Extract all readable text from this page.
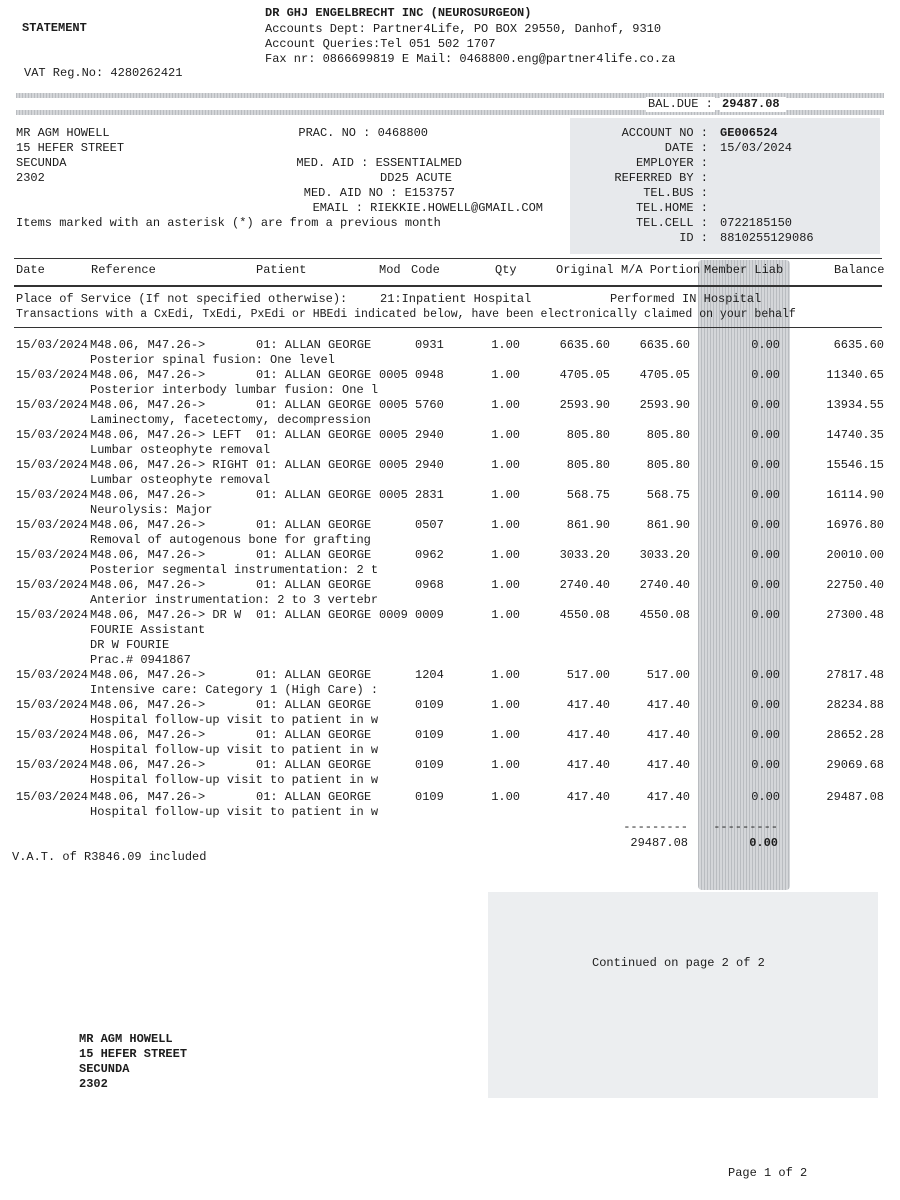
STATEMENT
DR GHJ ENGELBRECHT INC (NEUROSURGEON)
Accounts Dept: Partner4Life, PO BOX 29550, Danhof, 9310
Account Queries:Tel 051 502 1707
Fax nr: 0866699819 E Mail: 0468800.eng@partner4life.co.za
VAT Reg.No: 4280262421
BAL.DUE : 29487.08
MR AGM HOWELL
15 HEFER STREET
SECUNDA
2302
PRAC. NO : 0468800
MED. AID : ESSENTIALMED
DD25 ACUTE
MED. AID NO : E153757
EMAIL : RIEKKIE.HOWELL@GMAIL.COM
Items marked with an asterisk (*) are from a previous month
ACCOUNT NO : GE006524
DATE : 15/03/2024
EMPLOYER :
REFERRED BY :
TEL.BUS :
TEL.HOME :
TEL.CELL : 0722185150
ID : 8810255129086
Date	Reference	Patient	Mod Code	Qty	Original M/A Portion Member Liab	Balance
Place of Service (If not specified otherwise):	21:Inpatient Hospital	Performed IN Hospital
Transactions with a CxEdi, TxEdi, PxEdi or HBEdi indicated below, have been electronically claimed on your behalf
15/03/2024 M48.06, M47.26->	01: ALLAN GEORGE 0931	1.00	6635.60	6635.60	0.00	6635.60
Posterior spinal fusion: One level
15/03/2024 M48.06, M47.26->	01: ALLAN GEORGE 0005 0948	1.00	4705.05	4705.05	0.00	11340.65
Posterior interbody lumbar fusion: One l
15/03/2024 M48.06, M47.26->	01: ALLAN GEORGE 0005 5760	1.00	2593.90	2593.90	0.00	13934.55
Laminectomy, facetectomy, decompression
15/03/2024 M48.06, M47.26-> LEFT 01: ALLAN GEORGE 0005 2940	1.00	805.80	805.80	0.00	14740.35
Lumbar osteophyte removal
15/03/2024 M48.06, M47.26-> RIGHT 01: ALLAN GEORGE 0005 2940	1.00	805.80	805.80	0.00	15546.15
Lumbar osteophyte removal
15/03/2024 M48.06, M47.26->	01: ALLAN GEORGE 0005 2831	1.00	568.75	568.75	0.00	16114.90
Neurolysis: Major
15/03/2024 M48.06, M47.26->	01: ALLAN GEORGE 0507	1.00	861.90	861.90	0.00	16976.80
Removal of autogenous bone for grafting
15/03/2024 M48.06, M47.26->	01: ALLAN GEORGE 0962	1.00	3033.20	3033.20	0.00	20010.00
Posterior segmental instrumentation: 2 t
15/03/2024 M48.06, M47.26->	01: ALLAN GEORGE 0968	1.00	2740.40	2740.40	0.00	22750.40
Anterior instrumentation: 2 to 3 vertebr
15/03/2024 M48.06, M47.26-> DR W 01: ALLAN GEORGE 0009 0009	1.00	4550.08	4550.08	0.00	27300.48
FOURIE Assistant
DR W FOURIE
Prac.# 0941867
15/03/2024 M48.06, M47.26->	01: ALLAN GEORGE 1204	1.00	517.00	517.00	0.00	27817.48
Intensive care: Category 1 (High Care) :
15/03/2024 M48.06, M47.26->	01: ALLAN GEORGE 0109	1.00	417.40	417.40	0.00	28234.88
Hospital follow-up visit to patient in w
15/03/2024 M48.06, M47.26->	01: ALLAN GEORGE 0109	1.00	417.40	417.40	0.00	28652.28
Hospital follow-up visit to patient in w
15/03/2024 M48.06, M47.26->	01: ALLAN GEORGE 0109	1.00	417.40	417.40	0.00	29069.68
Hospital follow-up visit to patient in w
15/03/2024 M48.06, M47.26->	01: ALLAN GEORGE 0109	1.00	417.40	417.40	0.00	29487.08
Hospital follow-up visit to patient in w
---------	---------
29487.08	0.00
V.A.T. of R3846.09 included
Continued on page 2 of 2
MR AGM HOWELL
15 HEFER STREET
SECUNDA
2302
Page 1 of 2
